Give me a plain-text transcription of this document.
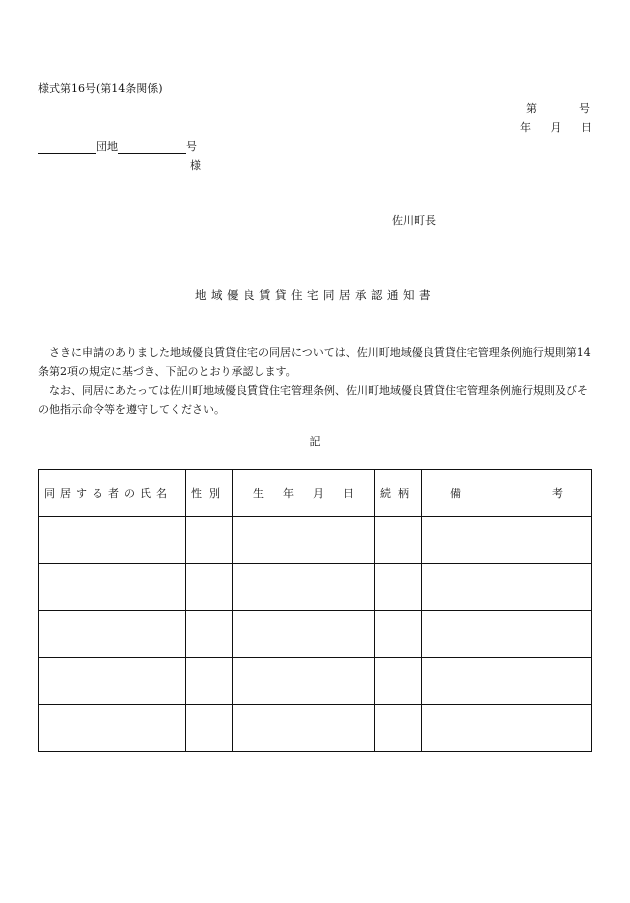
様式第16号(第14条関係)
第	号
年 月 日
団地	号
様
佐川町長
地域優良賃貸住宅同居承認通知書

さきに申請のありました地域優良賃貸住宅の同居については、佐川町地域優良賃貸住宅管理条例施行規則第14条第2項の規定に基づき、下記のとおり承認します。

なお、同居にあたっては佐川町地域優良賃貸住宅管理条例、佐川町地域優良賃貸住宅管理条例施行規則及びその他指示命令等を遵守してください。

記
同居する者の氏名	性別	生 年 月 日	続柄	備 考
